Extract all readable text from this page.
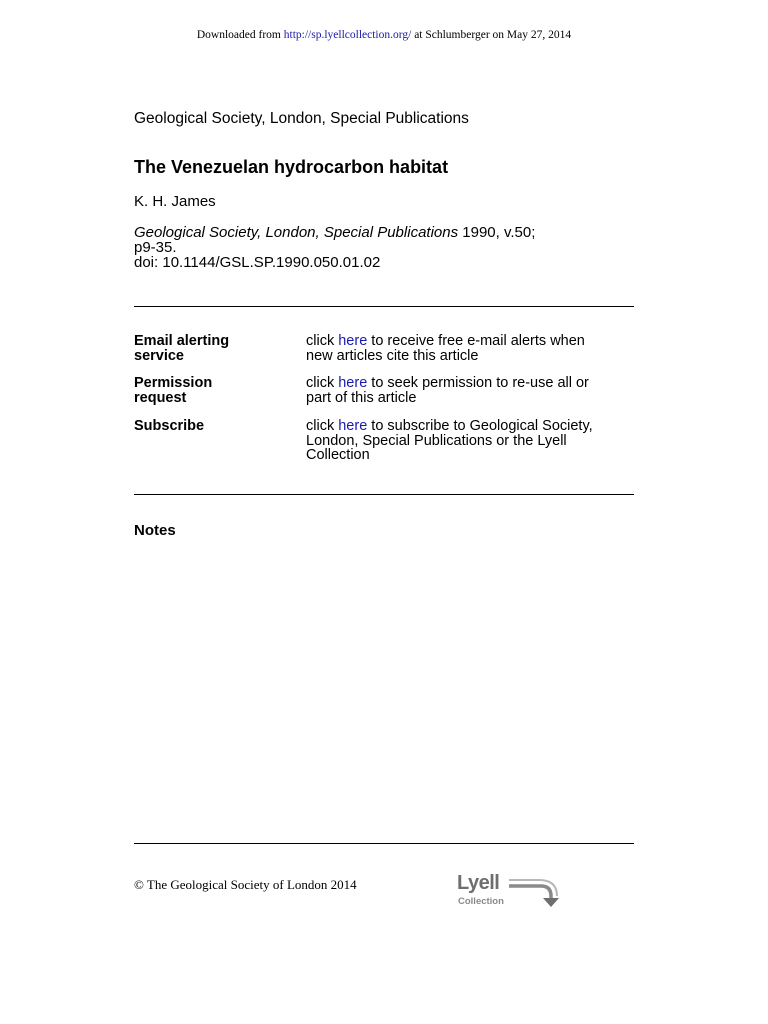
Downloaded from http://sp.lyellcollection.org/ at Schlumberger on May 27, 2014
Geological Society, London, Special Publications
The Venezuelan hydrocarbon habitat
K. H. James
Geological Society, London, Special Publications 1990, v.50;
p9-35.
doi: 10.1144/GSL.SP.1990.050.01.02
Email alerting
service
click here to receive free e-mail alerts when
new articles cite this article
Permission
request
click here to seek permission to re-use all or
part of this article
Subscribe	click here to subscribe to Geological Society,
London, Special Publications or the Lyell
Collection
Notes
© The Geological Society of London 2014	Lyell
Collection
